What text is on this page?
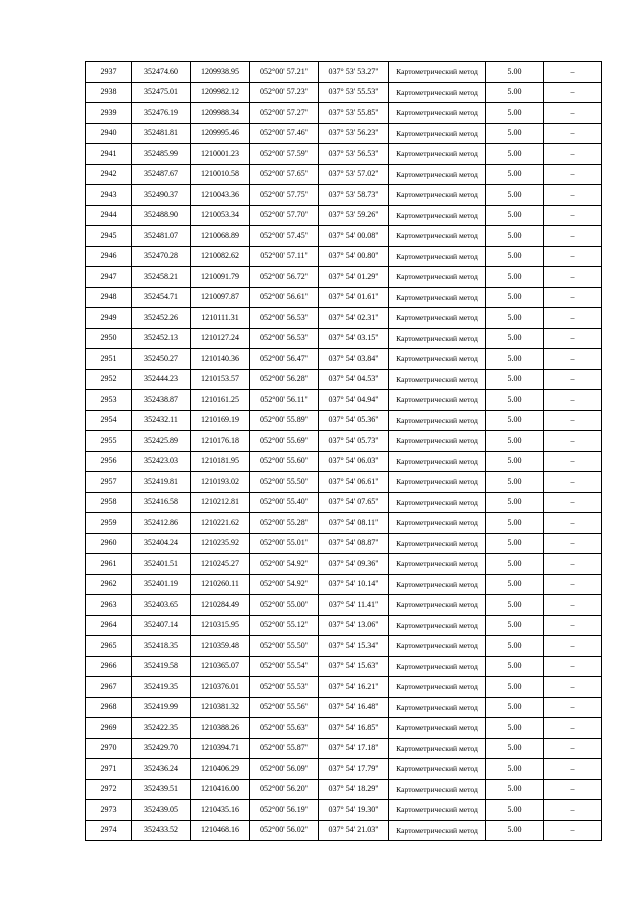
2937	352474.60	1209938.95	052°00' 57.21"	037° 53' 53.27"	Картометрический метод	5.00	–
2938	352475.01	1209982.12	052°00' 57.23"	037° 53' 55.53"	Картометрический метод	5.00	–
2939	352476.19	1209988.34	052°00' 57.27"	037° 53' 55.85"	Картометрический метод	5.00	–
2940	352481.81	1209995.46	052°00' 57.46"	037° 53' 56.23"	Картометрический метод	5.00	–
2941	352485.99	1210001.23	052°00' 57.59"	037° 53' 56.53"	Картометрический метод	5.00	–
2942	352487.67	1210010.58	052°00' 57.65"	037° 53' 57.02"	Картометрический метод	5.00	–
2943	352490.37	1210043.36	052°00' 57.75"	037° 53' 58.73"	Картометрический метод	5.00	–
2944	352488.90	1210053.34	052°00' 57.70"	037° 53' 59.26"	Картометрический метод	5.00	–
2945	352481.07	1210068.89	052°00' 57.45"	037° 54' 00.08"	Картометрический метод	5.00	–
2946	352470.28	1210082.62	052°00' 57.11"	037° 54' 00.80"	Картометрический метод	5.00	–
2947	352458.21	1210091.79	052°00' 56.72"	037° 54' 01.29"	Картометрический метод	5.00	–
2948	352454.71	1210097.87	052°00' 56.61"	037° 54' 01.61"	Картометрический метод	5.00	–
2949	352452.26	1210111.31	052°00' 56.53"	037° 54' 02.31"	Картометрический метод	5.00	–
2950	352452.13	1210127.24	052°00' 56.53"	037° 54' 03.15"	Картометрический метод	5.00	–
2951	352450.27	1210140.36	052°00' 56.47"	037° 54' 03.84"	Картометрический метод	5.00	–
2952	352444.23	1210153.57	052°00' 56.28"	037° 54' 04.53"	Картометрический метод	5.00	–
2953	352438.87	1210161.25	052°00' 56.11"	037° 54' 04.94"	Картометрический метод	5.00	–
2954	352432.11	1210169.19	052°00' 55.89"	037° 54' 05.36"	Картометрический метод	5.00	–
2955	352425.89	1210176.18	052°00' 55.69"	037° 54' 05.73"	Картометрический метод	5.00	–
2956	352423.03	1210181.95	052°00' 55.60"	037° 54' 06.03"	Картометрический метод	5.00	–
2957	352419.81	1210193.02	052°00' 55.50"	037° 54' 06.61"	Картометрический метод	5.00	–
2958	352416.58	1210212.81	052°00' 55.40"	037° 54' 07.65"	Картометрический метод	5.00	–
2959	352412.86	1210221.62	052°00' 55.28"	037° 54' 08.11"	Картометрический метод	5.00	–
2960	352404.24	1210235.92	052°00' 55.01"	037° 54' 08.87"	Картометрический метод	5.00	–
2961	352401.51	1210245.27	052°00' 54.92"	037° 54' 09.36"	Картометрический метод	5.00	–
2962	352401.19	1210260.11	052°00' 54.92"	037° 54' 10.14"	Картометрический метод	5.00	–
2963	352403.65	1210284.49	052°00' 55.00"	037° 54' 11.41"	Картометрический метод	5.00	–
2964	352407.14	1210315.95	052°00' 55.12"	037° 54' 13.06"	Картометрический метод	5.00	–
2965	352418.35	1210359.48	052°00' 55.50"	037° 54' 15.34"	Картометрический метод	5.00	–
2966	352419.58	1210365.07	052°00' 55.54"	037° 54' 15.63"	Картометрический метод	5.00	–
2967	352419.35	1210376.01	052°00' 55.53"	037° 54' 16.21"	Картометрический метод	5.00	–
2968	352419.99	1210381.32	052°00' 55.56"	037° 54' 16.48"	Картометрический метод	5.00	–
2969	352422.35	1210388.26	052°00' 55.63"	037° 54' 16.85"	Картометрический метод	5.00	–
2970	352429.70	1210394.71	052°00' 55.87"	037° 54' 17.18"	Картометрический метод	5.00	–
2971	352436.24	1210406.29	052°00' 56.09"	037° 54' 17.79"	Картометрический метод	5.00	–
2972	352439.51	1210416.00	052°00' 56.20"	037° 54' 18.29"	Картометрический метод	5.00	–
2973	352439.05	1210435.16	052°00' 56.19"	037° 54' 19.30"	Картометрический метод	5.00	–
2974	352433.52	1210468.16	052°00' 56.02"	037° 54' 21.03"	Картометрический метод	5.00	–
